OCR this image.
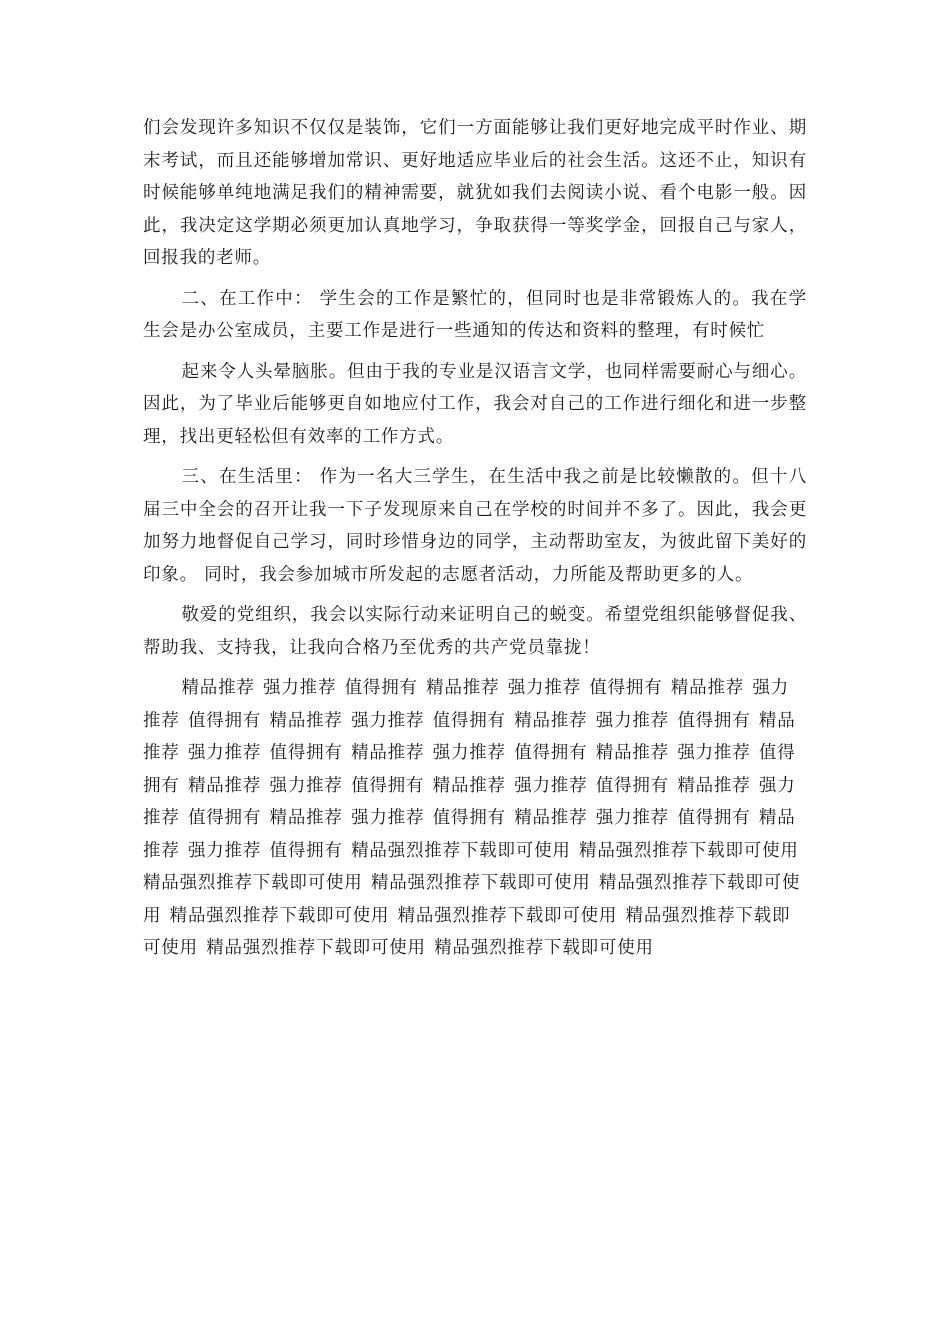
们会发现许多知识不仅仅是装饰，它们一方面能够让我们更好地完成平时作业、期末考试，而且还能够增加常识、更好地适应毕业后的社会生活。这还不止，知识有时候能够单纯地满足我们的精神需要，就犹如我们去阅读小说、看个电影一般。因此，我决定这学期必须更加认真地学习，争取获得一等奖学金，回报自己与家人，回报我的老师。

二、在工作中： 学生会的工作是繁忙的，但同时也是非常锻炼人的。我在学生会是办公室成员，主要工作是进行一些通知的传达和资料的整理，有时候忙

起来令人头晕脑胀。但由于我的专业是汉语言文学，也同样需要耐心与细心。因此，为了毕业后能够更自如地应付工作，我会对自己的工作进行细化和进一步整理，找出更轻松但有效率的工作方式。

三、在生活里： 作为一名大三学生，在生活中我之前是比较懒散的。但十八届三中全会的召开让我一下子发现原来自己在学校的时间并不多了。因此，我会更加努力地督促自己学习，同时珍惜身边的同学，主动帮助室友，为彼此留下美好的印象。 同时，我会参加城市所发起的志愿者活动，力所能及帮助更多的人。

敬爱的党组织，我会以实际行动来证明自己的蜕变。希望党组织能够督促我、帮助我、支持我，让我向合格乃至优秀的共产党员靠拢！

精品推荐 强力推荐 值得拥有 精品推荐 强力推荐 值得拥有 精品推荐 强力推荐 值得拥有 精品推荐 强力推荐 值得拥有 精品推荐 强力推荐 值得拥有 精品推荐 强力推荐 值得拥有 精品推荐 强力推荐 值得拥有 精品推荐 强力推荐 值得拥有 精品推荐 强力推荐 值得拥有 精品推荐 强力推荐 值得拥有 精品推荐 强力推荐 值得拥有 精品推荐 强力推荐 值得拥有 精品推荐 强力推荐 值得拥有 精品推荐 强力推荐 值得拥有 精品强烈推荐下载即可使用 精品强烈推荐下载即可使用 精品强烈推荐下载即可使用 精品强烈推荐下载即可使用 精品强烈推荐下载即可使用 精品强烈推荐下载即可使用 精品强烈推荐下载即可使用 精品强烈推荐下载即可使用 精品强烈推荐下载即可使用 精品强烈推荐下载即可使用
